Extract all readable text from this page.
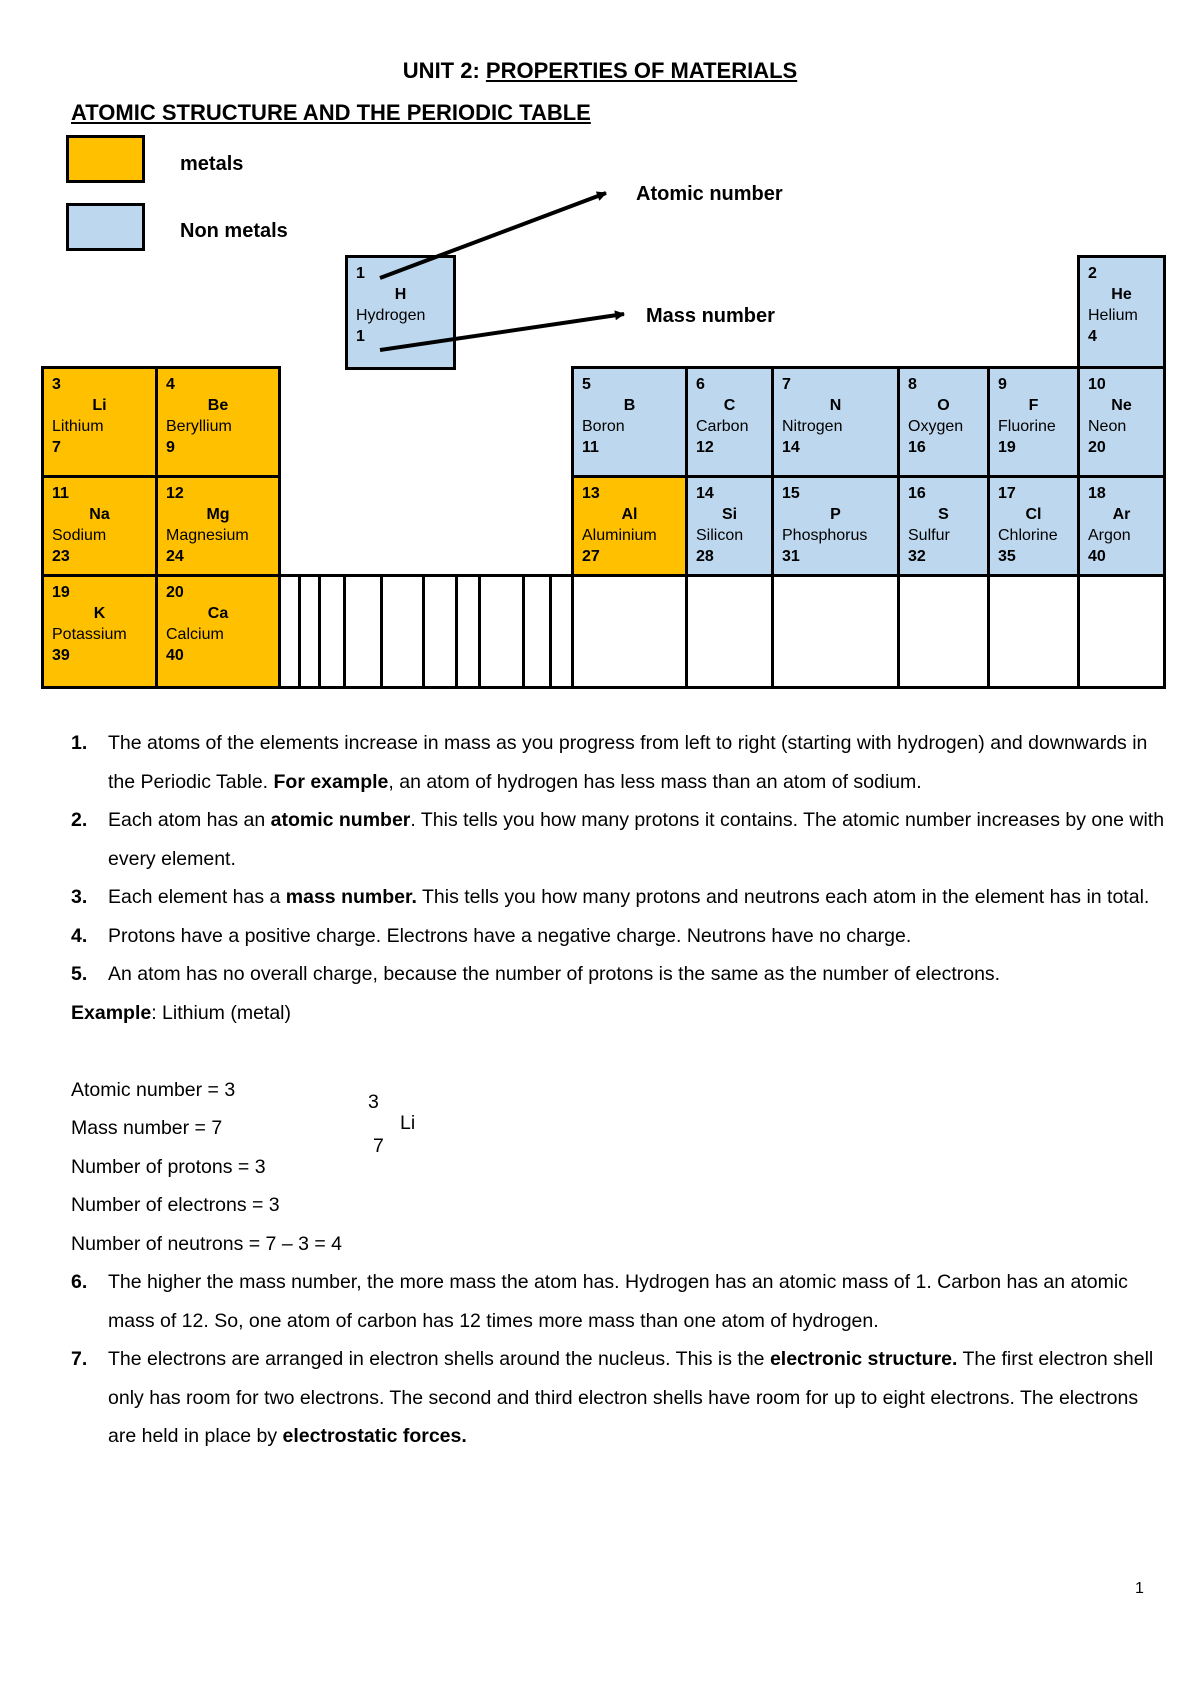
UNIT 2: PROPERTIES OF MATERIALS
ATOMIC STRUCTURE AND THE PERIODIC TABLE
metals
Non metals
Atomic number
Mass number
1
H
Hydrogen
1
2
He
Helium
4
3
Li
Lithium
7
4
Be
Beryllium
9
5
B
Boron
11
6
C
Carbon
12
7
N
Nitrogen
14
8
O
Oxygen
16
9
F
Fluorine
19
10
Ne
Neon
20
11
Na
Sodium
23
12
Mg
Magnesium
24
13
Al
Aluminium
27
14
Si
Silicon
28
15
P
Phosphorus
31
16
S
Sulfur
32
17
Cl
Chlorine
35
18
Ar
Argon
40
19
K
Potassium
39
20
Ca
Calcium
40
1. The atoms of the elements increase in mass as you progress from left to right (starting with hydrogen) and downwards in the Periodic Table. For example, an atom of hydrogen has less mass than an atom of sodium.
2. Each atom has an atomic number. This tells you how many protons it contains. The atomic number increases by one with every element.
3. Each element has a mass number. This tells you how many protons and neutrons each atom in the element has in total.
4. Protons have a positive charge. Electrons have a negative charge. Neutrons have no charge.
5. An atom has no overall charge, because the number of protons is the same as the number of electrons.
Example: Lithium (metal)
Atomic number = 3
Mass number = 7
Number of protons = 3
Number of electrons = 3
Number of neutrons = 7 – 3 = 4
6. The higher the mass number, the more mass the atom has. Hydrogen has an atomic mass of 1. Carbon has an atomic mass of 12. So, one atom of carbon has 12 times more mass than one atom of hydrogen.
7. The electrons are arranged in electron shells around the nucleus. This is the electronic structure. The first electron shell only has room for two electrons. The second and third electron shells have room for up to eight electrons. The electrons are held in place by electrostatic forces.
3
Li
7
1
